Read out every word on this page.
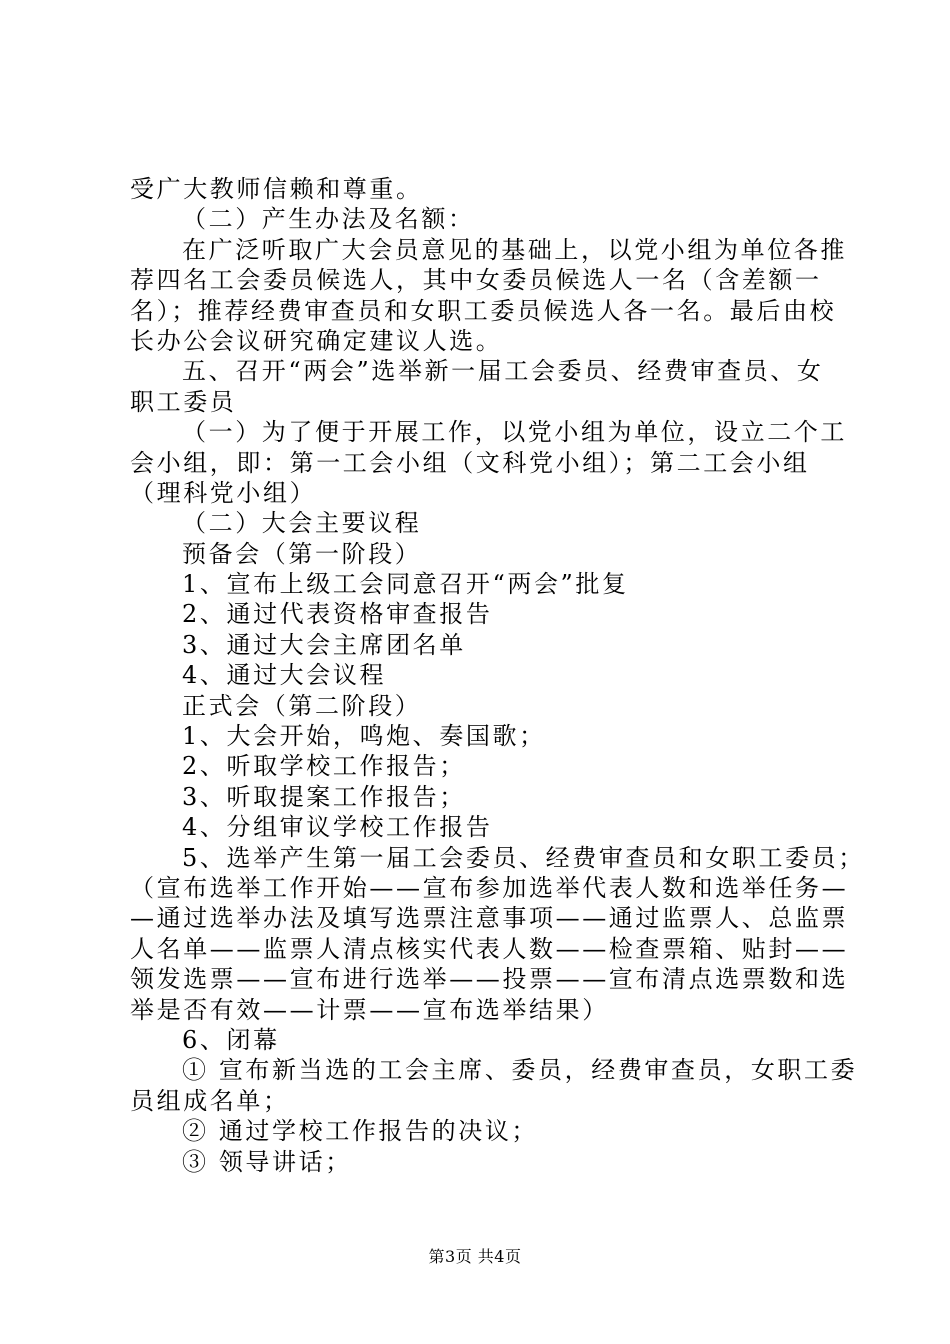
受广大教师信赖和尊重。
（二）产生办法及名额：
在广泛听取广大会员意见的基础上，以党小组为单位各推
荐四名工会委员候选人，其中女委员候选人一名（含差额一
名）；推荐经费审查员和女职工委员候选人各一名。最后由校
长办公会议研究确定建议人选。
五、召开“两会”选举新一届工会委员、经费审查员、女
职工委员
（一）为了便于开展工作，以党小组为单位，设立二个工
会小组，即：第一工会小组（文科党小组）；第二工会小组
（理科党小组）
（二）大会主要议程
预备会（第一阶段）
1、宣布上级工会同意召开“两会”批复
2、通过代表资格审查报告
3、通过大会主席团名单
4、通过大会议程
正式会（第二阶段）
1、大会开始，鸣炮、奏国歌；
2、听取学校工作报告；
3、听取提案工作报告；
4、分组审议学校工作报告
5、选举产生第一届工会委员、经费审查员和女职工委员；
（宣布选举工作开始——宣布参加选举代表人数和选举任务—
—通过选举办法及填写选票注意事项——通过监票人、总监票
人名单——监票人清点核实代表人数——检查票箱、贴封——
领发选票——宣布进行选举——投票——宣布清点选票数和选
举是否有效——计票——宣布选举结果）
6、闭幕
① 宣布新当选的工会主席、委员，经费审查员，女职工委
员组成名单；
② 通过学校工作报告的决议；
③ 领导讲话；
第3页 共4页
